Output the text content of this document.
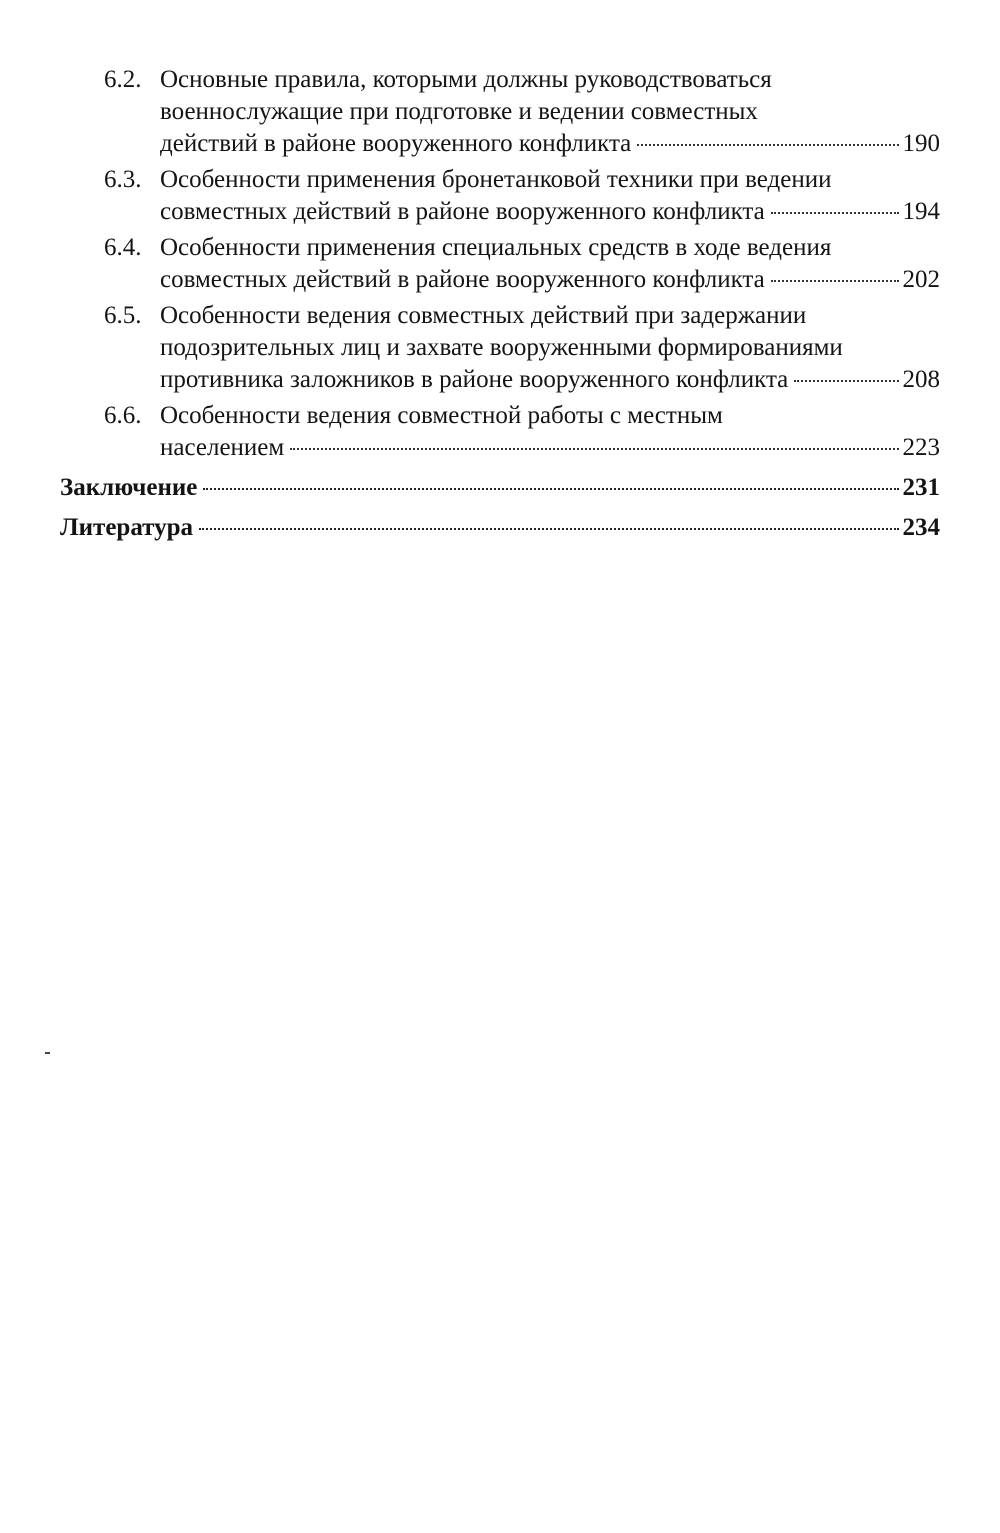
6.2. Основные правила, которыми должны руководствоваться
военнослужащие при подготовке и ведении совместных
действий в районе вооруженного конфликта	190
6.3. Особенности применения бронетанковой техники при ведении
совместных действий в районе вооруженного конфликта	194
6.4. Особенности применения специальных средств в ходе ведения
совместных действий в районе вооруженного конфликта	202
6.5. Особенности ведения совместных действий при задержании
подозрительных лиц и захвате вооруженными формированиями
противника заложников в районе вооруженного конфликта	208
6.6. Особенности ведения совместной работы с местным
населением	223
Заключение	231
Литература	234
